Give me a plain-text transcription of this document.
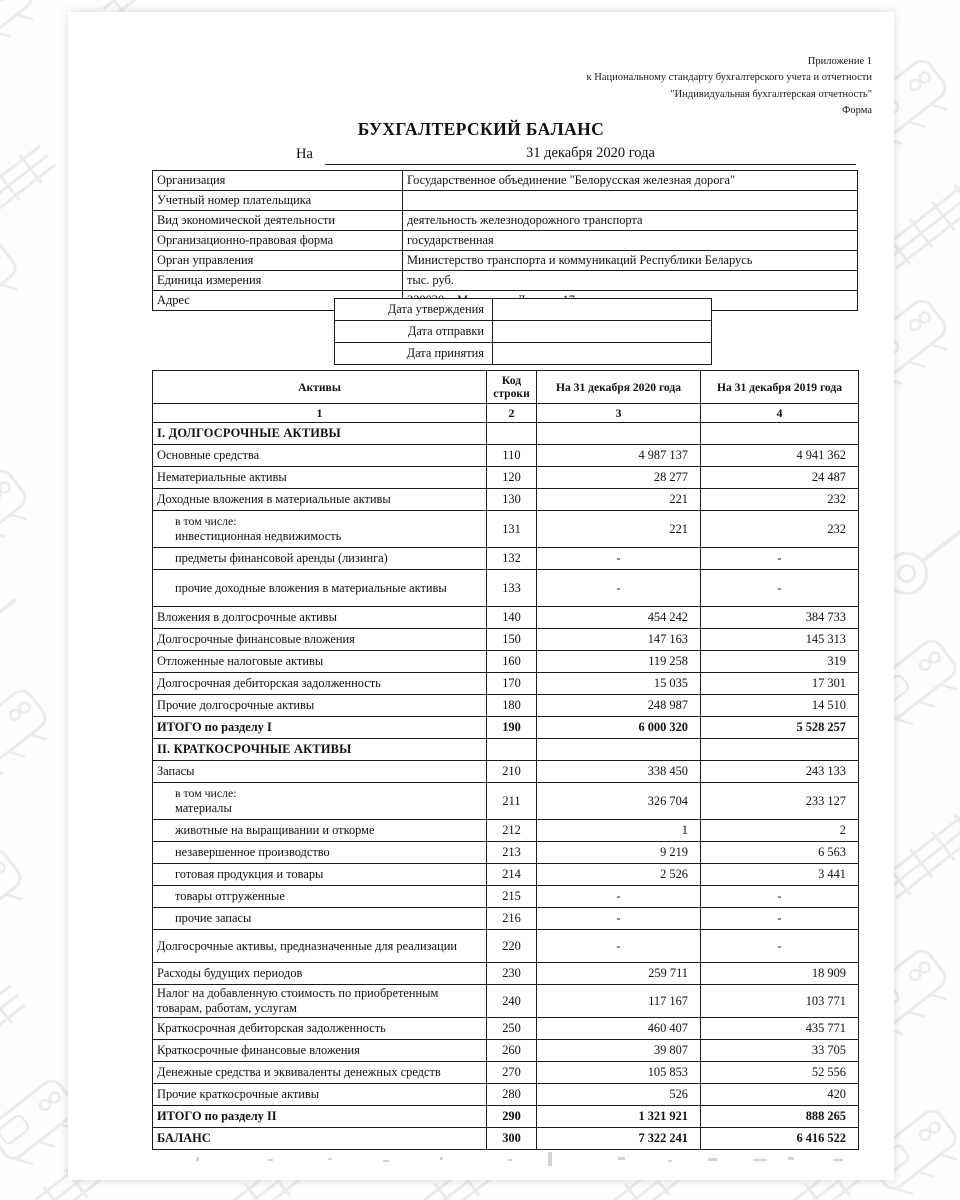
Приложение 1
к Национальному стандарту бухгалтерского учета и отчетности
"Индивидуальная бухгалтерская отчетность"
Форма
БУХГАЛТЕРСКИЙ БАЛАНС
На	31 декабря 2020 года
Организация	Государственное объединение "Белорусская железная дорога"
Учетный номер плательщика	
Вид экономической деятельности	деятельность железнодорожного транспорта
Организационно-правовая форма	государственная
Орган управления	Министерство транспорта и коммуникаций Республики Беларусь
Единица измерения	тыс. руб.
Адрес	
Дата утверждения	
Дата отправки	
Дата принятия	
Активы	Код строки	На 31 декабря 2020 года	На 31 декабря 2019 года
1	2	3	4
I. ДОЛГОСРОЧНЫЕ АКТИВЫ			
Основные средства	110	4 987 137	4 941 362
Нематериальные активы	120	28 277	24 487
Доходные вложения в материальные активы	130	221	232

в том числе:
инвестиционная недвижимость	131	221	232
предметы финансовой аренды (лизинга)	132	-	-
прочие доходные вложения в материальные активы	133	-	-
Вложения в долгосрочные активы	140	454 242	384 733
Долгосрочные финансовые вложения	150	147 163	145 313
Отложенные налоговые активы	160	119 258	319
Долгосрочная дебиторская задолженность	170	15 035	17 301
Прочие долгосрочные активы	180	248 987	14 510
ИТОГО по разделу I	190	6 000 320	5 528 257
II. КРАТКОСРОЧНЫЕ АКТИВЫ			
Запасы	210	338 450	243 133

в том числе:
материалы	211	326 704	233 127
животные на выращивании и откорме	212	1	2
незавершенное производство	213	9 219	6 563
готовая продукция и товары	214	2 526	3 441
товары отгруженные	215	-	-
прочие запасы	216	-	-
Долгосрочные активы, предназначенные для реализации	220	-	-
Расходы будущих периодов	230	259 711	18 909
Налог на добавленную стоимость по приобретенным товарам, работам, услугам	240	117 167	103 771
Краткосрочная дебиторская задолженность	250	460 407	435 771
Краткосрочные финансовые вложения	260	39 807	33 705
Денежные средства и эквиваленты денежных средств	270	105 853	52 556
Прочие краткосрочные активы	280	526	420
ИТОГО по разделу II	290	1 321 921	888 265
БАЛАНС	300	7 322 241	6 416 522
